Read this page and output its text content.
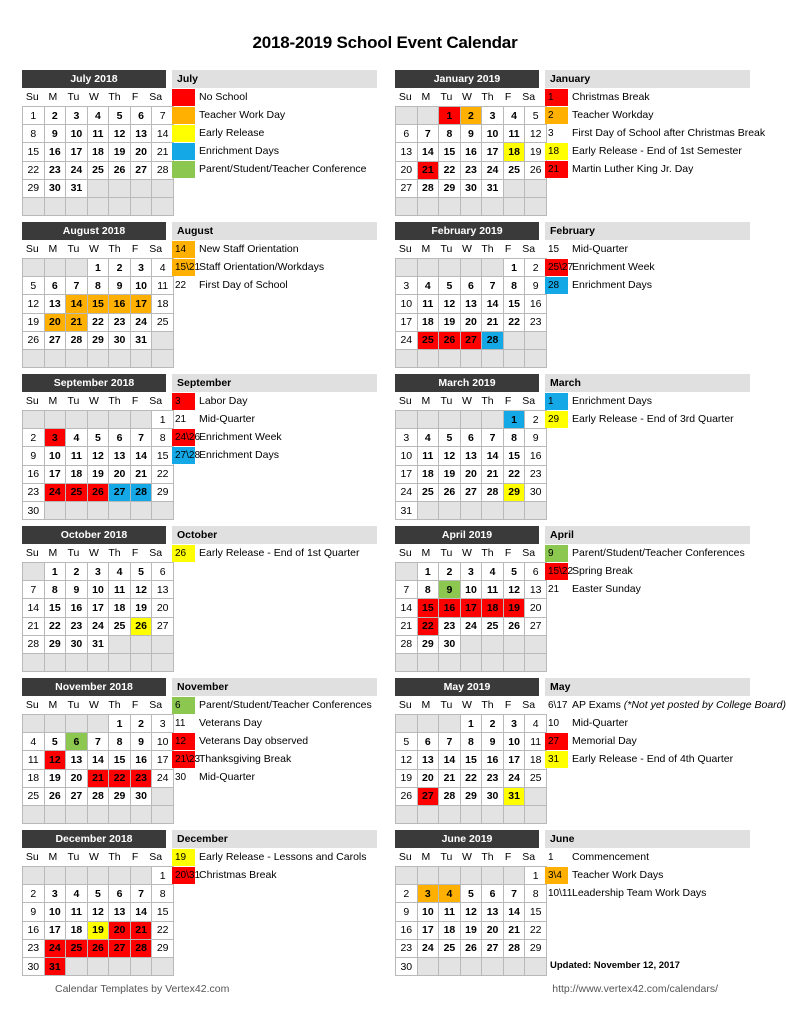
2018-2019 School Event Calendar
July 2018
Su M Tu W Th	F	Sa
1	2	3	4	5	6	7
8	9	10	11	12	13	14
15	16	17	18	19	20	21
22	23	24	25	26	27	28
29	30	31				

July
No School
Teacher Work Day
Early Release
Enrichment Days
Parent/Student/Teacher Conference
January 2019
Su M Tu W Th	F	Sa
		1	2	3	4	5
6	7	8	9	10	11	12
13	14	15	16	17	18	19
20	21	22	23	24	25	26
27	28	29	30	31		

January
1	Christmas Break
2	Teacher Workday
3	First Day of School after Christmas Break
18	Early Release - End of 1st Semester
21	Martin Luther King Jr. Day
August 2018
Su M Tu W Th	F	Sa
			1	2	3	4
5	6	7	8	9	10	11
12	13	14	15	16	17	18
19	20	21	22	23	24	25
26	27	28	29	30	31	

August
14	New Staff Orientation
15\21
Staff Orientation/Workdays
22	First Day of School
February 2019
Su M Tu W Th	F	Sa
					1	2
3	4	5	6	7	8	9
10	11	12	13	14	15	16
17	18	19	20	21	22	23
24	25	26	27	28		

February
15	Mid-Quarter
25\27
Enrichment Week
28	Enrichment Days
September 2018
Su M Tu W Th	F	Sa
						1
2	3	4	5	6	7	8
9	10	11	12	13	14	15
16	17	18	19	20	21	22
23	24	25	26	27	28	29
30						
September
3	Labor Day
21	Mid-Quarter
24\26
Enrichment Week
27\28
Enrichment Days
March 2019
Su M Tu W Th	F	Sa
					1	2
3	4	5	6	7	8	9
10	11	12	13	14	15	16
17	18	19	20	21	22	23
24	25	26	27	28	29	30
31						
March
1	Enrichment Days
29	Early Release - End of 3rd Quarter
October 2018
Su M Tu W Th	F	Sa
	1	2	3	4	5	6
7	8	9	10	11	12	13
14	15	16	17	18	19	20
21	22	23	24	25	26	27
28	29	30	31			

October
26	Early Release - End of 1st Quarter
April 2019
Su M Tu W Th	F	Sa
	1	2	3	4	5	6
7	8	9	10	11	12	13
14	15	16	17	18	19	20
21	22	23	24	25	26	27
28	29	30				

April
9	Parent/Student/Teacher Conferences
15\22
Spring Break
21	Easter Sunday
November 2018
Su M Tu W Th	F	Sa
				1	2	3
4	5	6	7	8	9	10
11	12	13	14	15	16	17
18	19	20	21	22	23	24
25	26	27	28	29	30	

November
6	Parent/Student/Teacher Conferences
11	Veterans Day
12	Veterans Day observed
21\23
Thanksgiving Break
30	Mid-Quarter
May 2019
Su M Tu W Th	F	Sa
			1	2	3	4
5	6	7	8	9	10	11
12	13	14	15	16	17	18
19	20	21	22	23	24	25
26	27	28	29	30	31	

May
6\17 AP Exams (*Not yet posted by College Board)
10	Mid-Quarter
27	Memorial Day
31	Early Release - End of 4th Quarter
December 2018
Su M Tu W Th	F	Sa
						1
2	3	4	5	6	7	8
9	10	11	12	13	14	15
16	17	18	19	20	21	22
23	24	25	26	27	28	29
30	31					
December
19	Early Release - Lessons and Carols
20\31
Christmas Break
June 2019
Su M Tu W Th	F	Sa
						1
2	3	4	5	6	7	8
9	10	11	12	13	14	15
16	17	18	19	20	21	22
23	24	25	26	27	28	29
30						
June
1	Commencement
3\4 Teacher Work Days
10\11 Leadership Team Work Days
Updated: November 12, 2017
Calendar Templates by Vertex42.com	http://www.vertex42.com/calendars/
